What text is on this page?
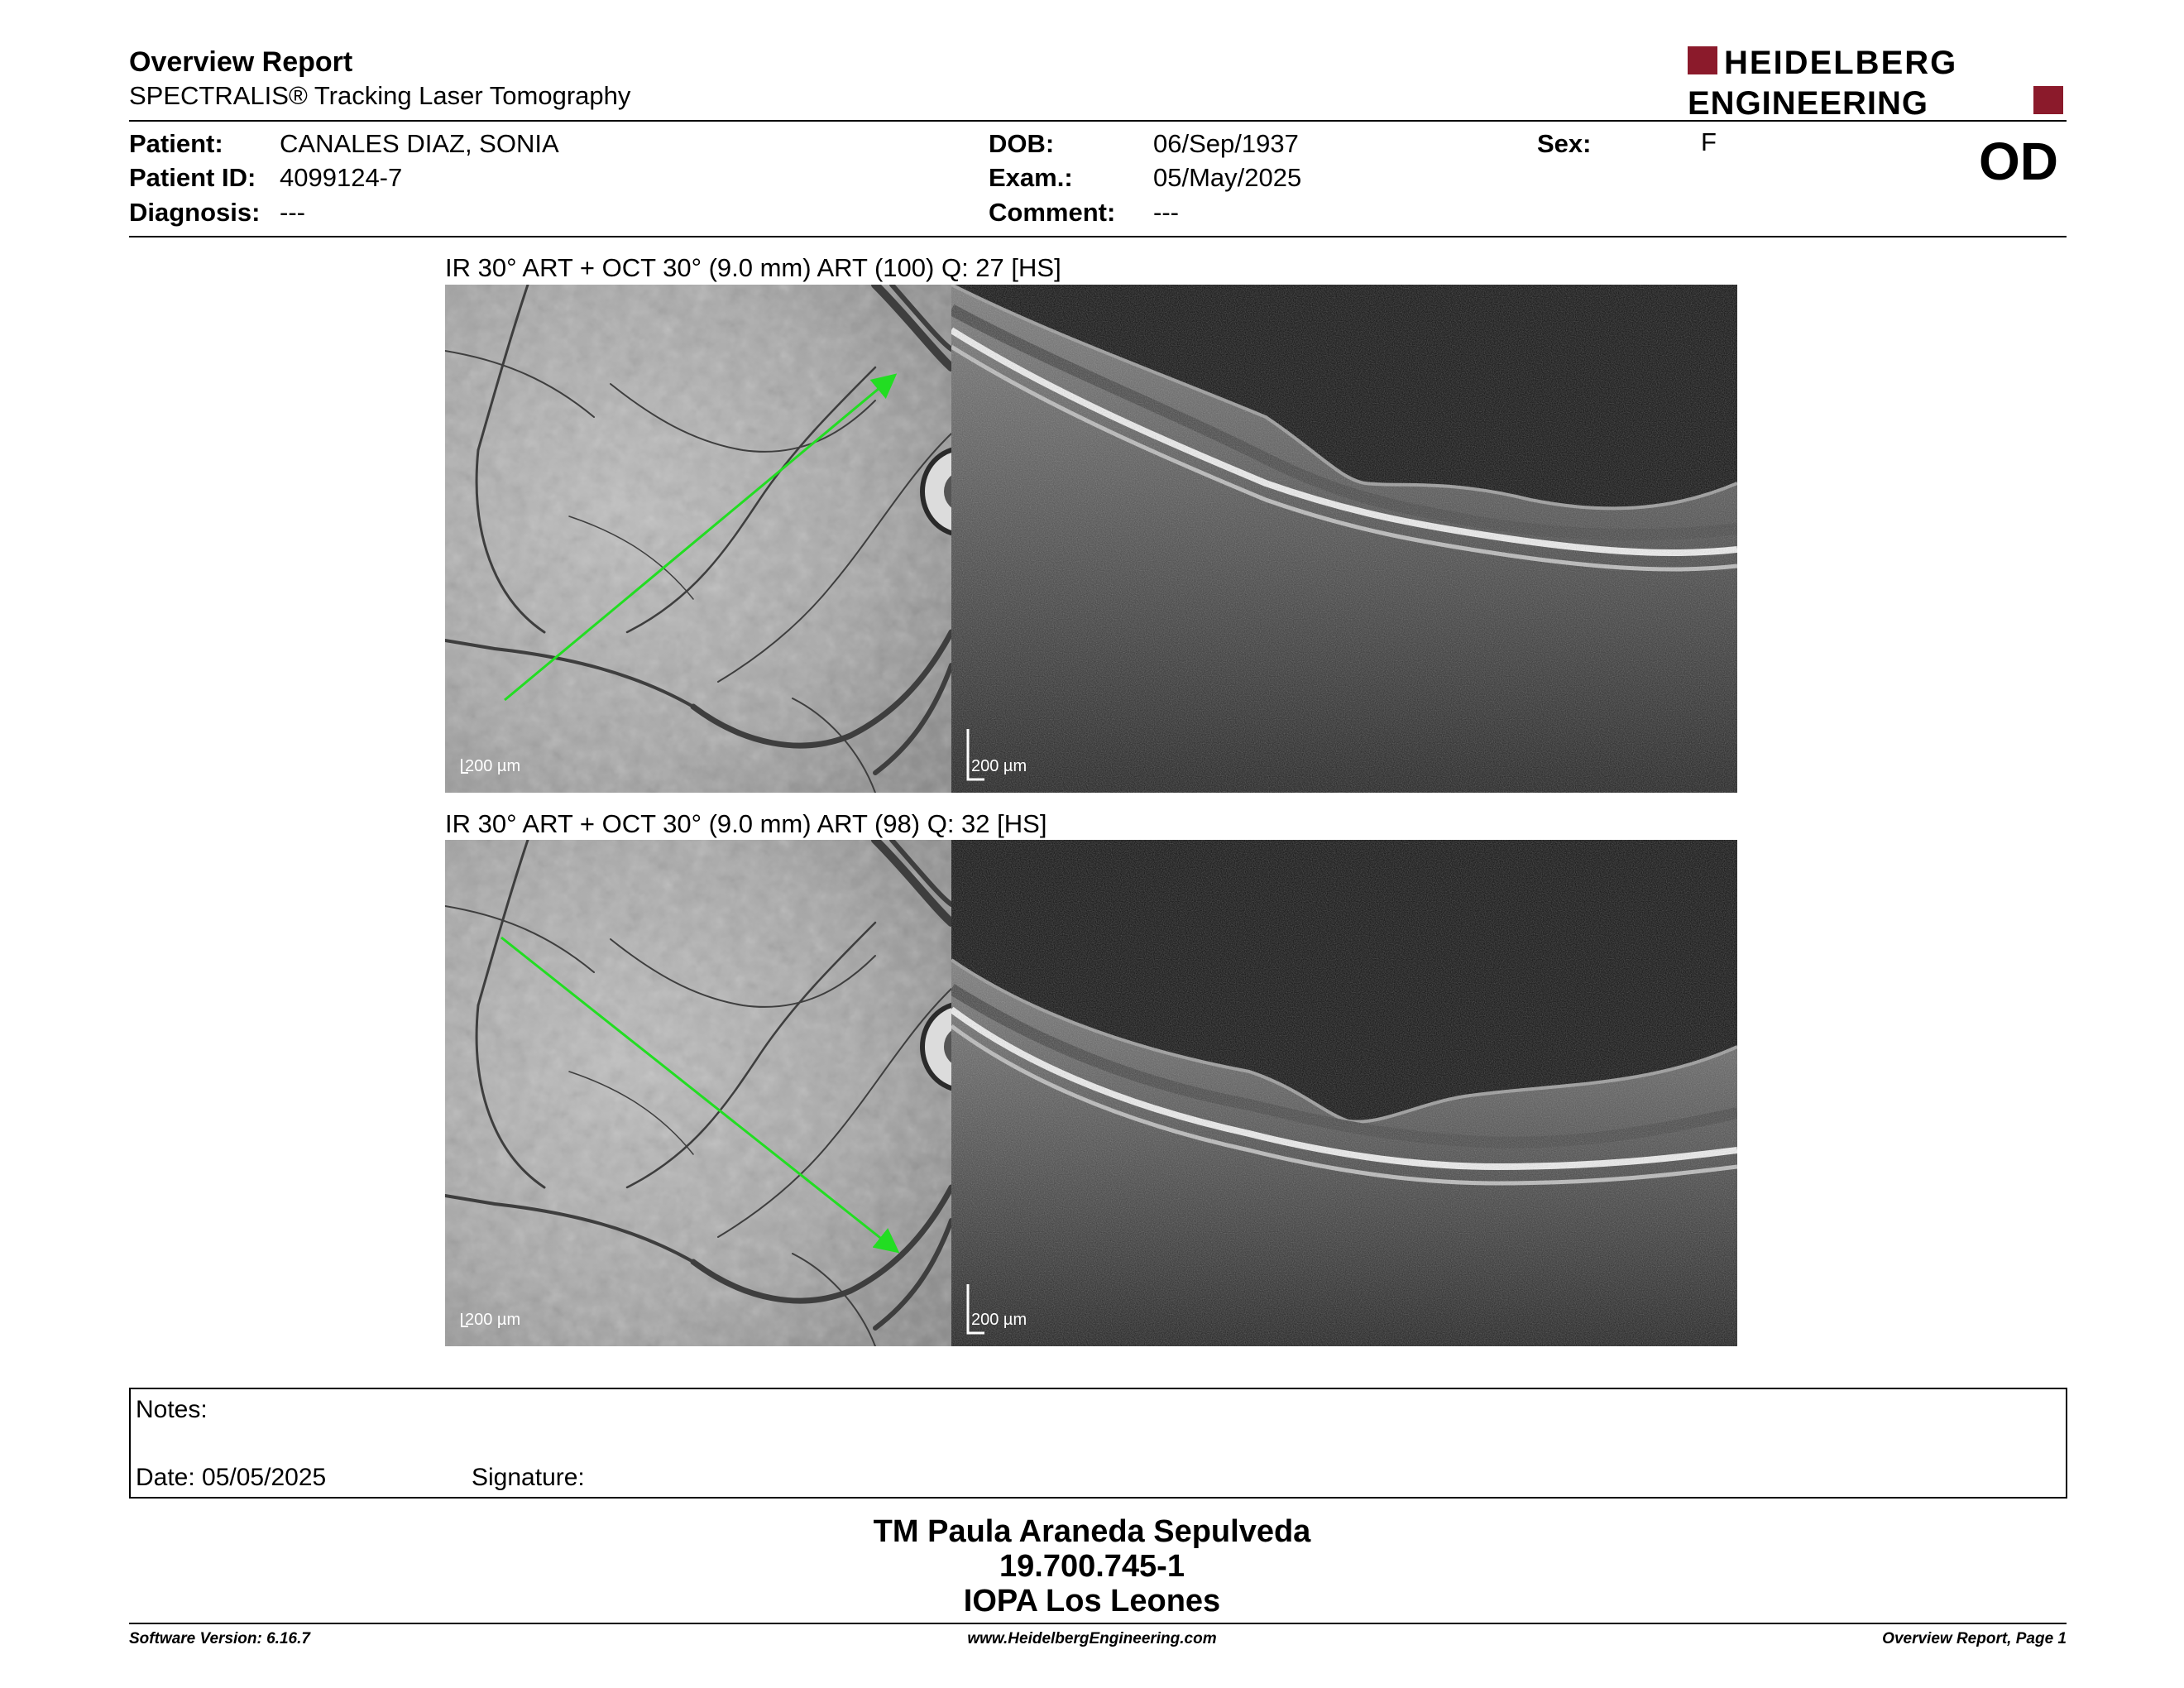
Overview Report
SPECTRALIS® Tracking Laser Tomography
HEIDELBERG
ENGINEERING
Patient: CANALES DIAZ, SONIA
Patient ID: 4099124-7
Diagnosis: ---
DOB:	06/Sep/1937
Exam.:	05/May/2025
Comment: ---
Sex:	F	OD
IR 30° ART + OCT 30° (9.0 mm) ART (100) Q: 27 [HS]
200 µm	200 µm
IR 30° ART + OCT 30° (9.0 mm) ART (98) Q: 32 [HS]
200 µm	200 µm
Notes:
Date: 05/05/2025	Signature:
TM Paula Araneda Sepulveda
19.700.745-1
IOPA Los Leones
Software Version: 6.16.7	www.HeidelbergEngineering.com	Overview Report, Page 1
